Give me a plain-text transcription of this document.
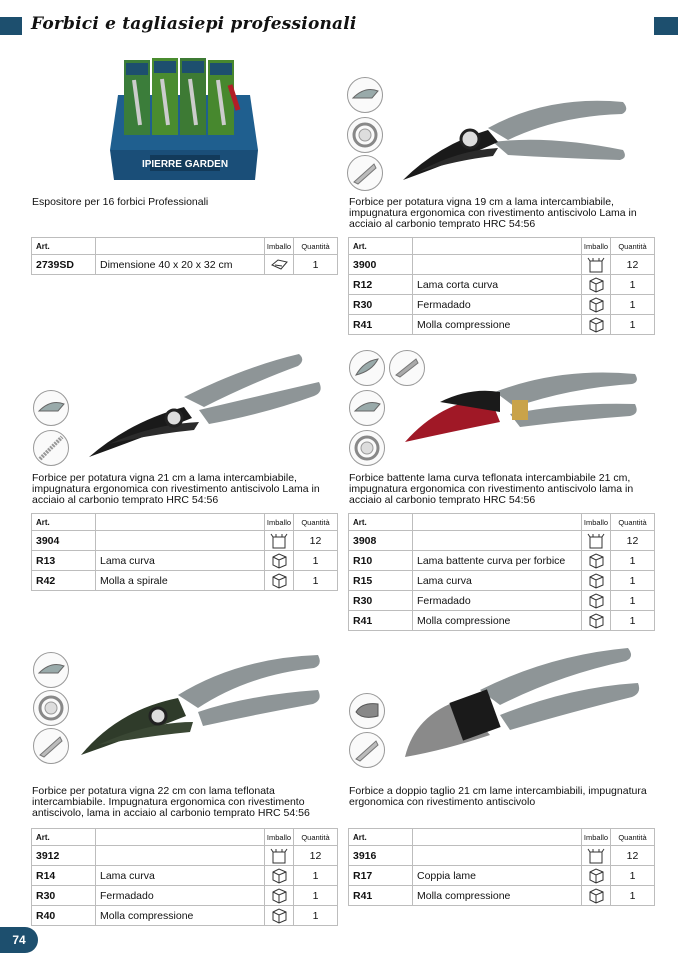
Forbici e tagliasiepi professionali
IPIERRE GARDEN
Espositore per 16 forbici Professionali	Forbice per potatura vigna 19 cm a lama intercambiabile, impugnatura ergonomica con rivestimento antiscivolo Lama in acciaio al carbonio temprato HRC 54:56
Forbice per potatura vigna 21 cm a lama intercambiabile, impugnatura ergonomica con rivestimento antiscivolo Lama in acciaio al carbonio temprato HRC 54:56
Forbice battente lama curva teflonata intercambiabile 21 cm, impugnatura ergonomica con rivestimento antiscivolo lama in acciaio al carbonio temprato HRC 54:56
Forbice per potatura vigna 22 cm con lama teflonata intercambiabile. Impugnatura ergonomica con rivestimento antiscivolo, lama in acciaio al carbonio temprato HRC 54:56
Forbice a doppio taglio 21 cm lame intercambiabili, impugnatura ergonomica con rivestimento antiscivolo
Art.		Imballo	Quantità
2739SD	Dimensione 40 x 20 x 32 cm		1
Art.		Imballo	Quantità
3900			12
R12	Lama corta curva		1
R30	Fermadado		1
R41	Molla compressione		1
Art.		Imballo	Quantità
3904			12
R13	Lama curva		1
R42	Molla a spirale		1
Art.		Imballo	Quantità
3908			12
R10	Lama battente curva per forbice		1
R15	Lama curva		1
R30	Fermadado		1
R41	Molla compressione		1
Art.		Imballo	Quantità
3912			12
R14	Lama curva		1
R30	Fermadado		1
R40	Molla compressione		1
Art.		Imballo	Quantità
3916			12
R17	Coppia lame		1
R41	Molla compressione		1
74
